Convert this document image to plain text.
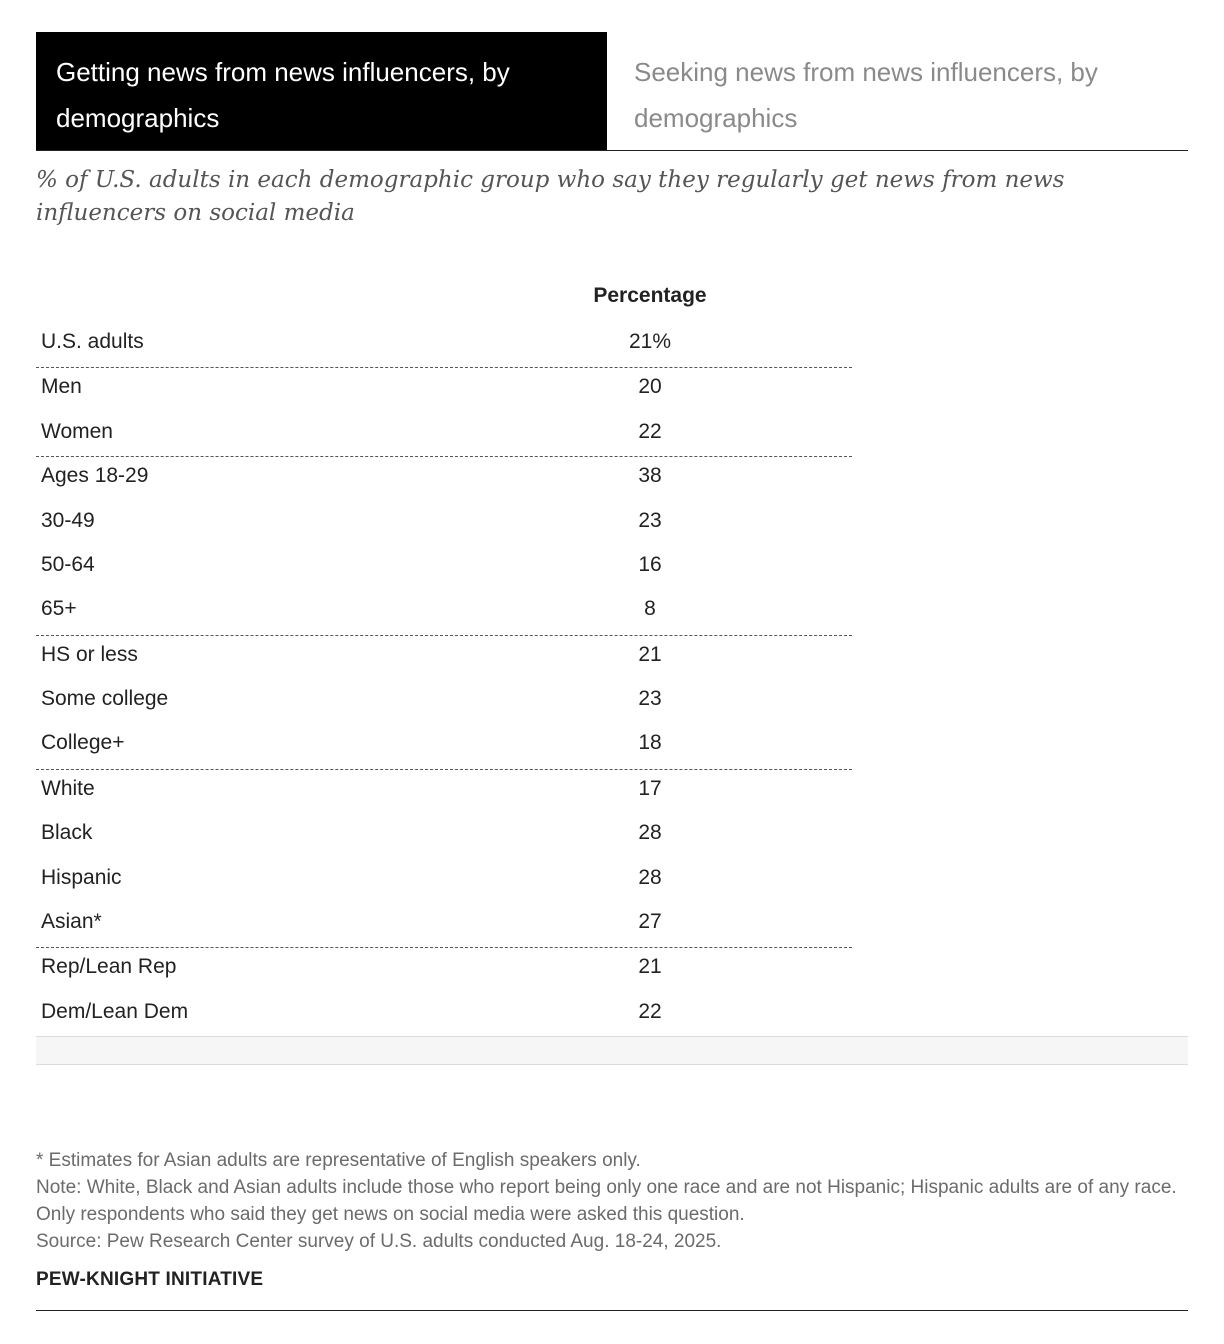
Getting news from news influencers, by demographics
Seeking news from news influencers, by demographics
% of U.S. adults in each demographic group who say they regularly get news from news influencers on social media
Percentage
U.S. adults	21%
Men	20
Women	22
Ages 18-29	38
30-49	23
50-64	16
65+	8
HS or less	21
Some college	23
College+	18
White	17
Black	28
Hispanic	28
Asian*	27
Rep/Lean Rep	21
Dem/Lean Dem	22
* Estimates for Asian adults are representative of English speakers only.
Note: White, Black and Asian adults include those who report being only one race and are not Hispanic; Hispanic adults are of any race. Only respondents who said they get news on social media were asked this question.
Source: Pew Research Center survey of U.S. adults conducted Aug. 18-24, 2025.
PEW-KNIGHT INITIATIVE
